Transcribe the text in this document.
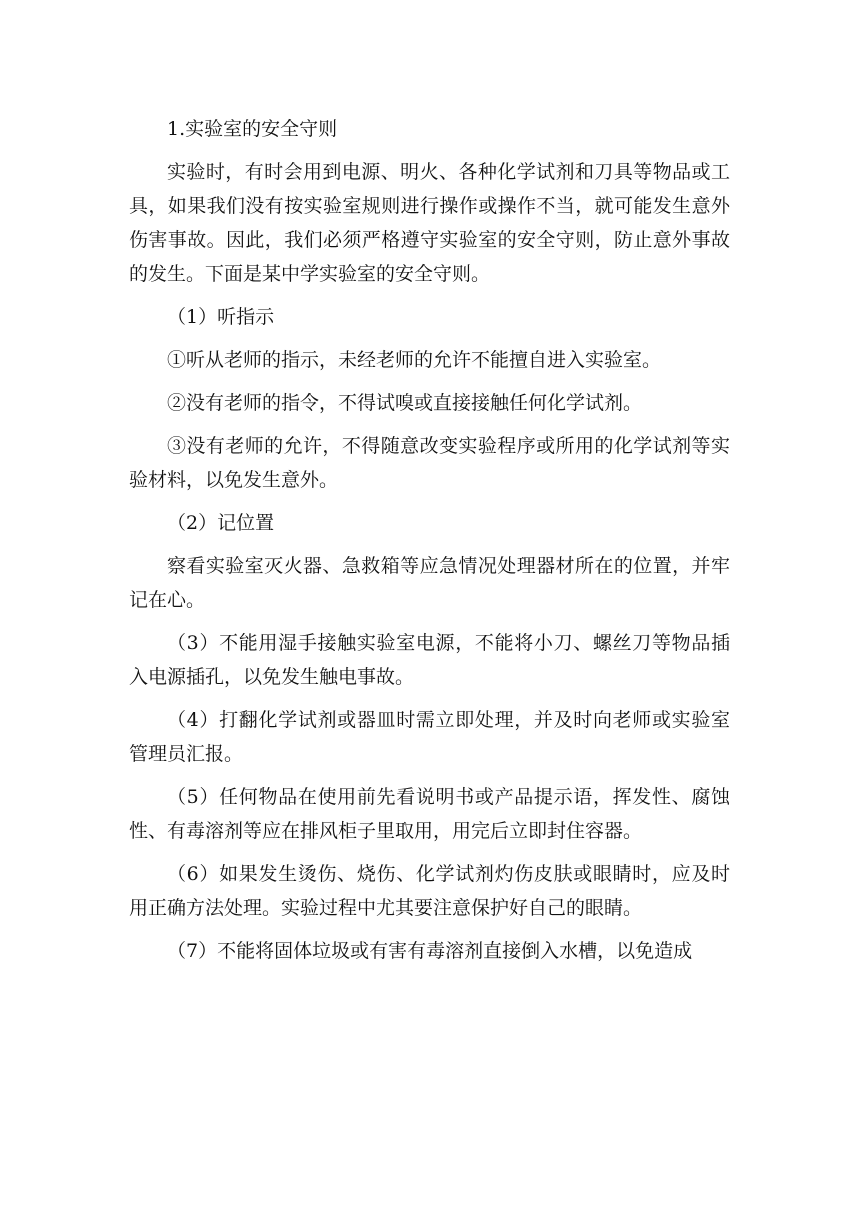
1.实验室的安全守则

实验时，有时会用到电源、明火、各种化学试剂和刀具等物品或工具，如果我们没有按实验室规则进行操作或操作不当，就可能发生意外伤害事故。因此，我们必须严格遵守实验室的安全守则，防止意外事故的发生。下面是某中学实验室的安全守则。

（1）听指示

①听从老师的指示，未经老师的允许不能擅自进入实验室。

②没有老师的指令，不得试嗅或直接接触任何化学试剂。

③没有老师的允许，不得随意改变实验程序或所用的化学试剂等实验材料，以免发生意外。

（2）记位置

察看实验室灭火器、急救箱等应急情况处理器材所在的位置，并牢记在心。

（3）不能用湿手接触实验室电源，不能将小刀、螺丝刀等物品插入电源插孔，以免发生触电事故。

（4）打翻化学试剂或器皿时需立即处理，并及时向老师或实验室管理员汇报。

（5）任何物品在使用前先看说明书或产品提示语，挥发性、腐蚀性、有毒溶剂等应在排风柜子里取用，用完后立即封住容器。

（6）如果发生烫伤、烧伤、化学试剂灼伤皮肤或眼睛时，应及时用正确方法处理。实验过程中尤其要注意保护好自己的眼睛。

（7）不能将固体垃圾或有害有毒溶剂直接倒入水槽，以免造成
